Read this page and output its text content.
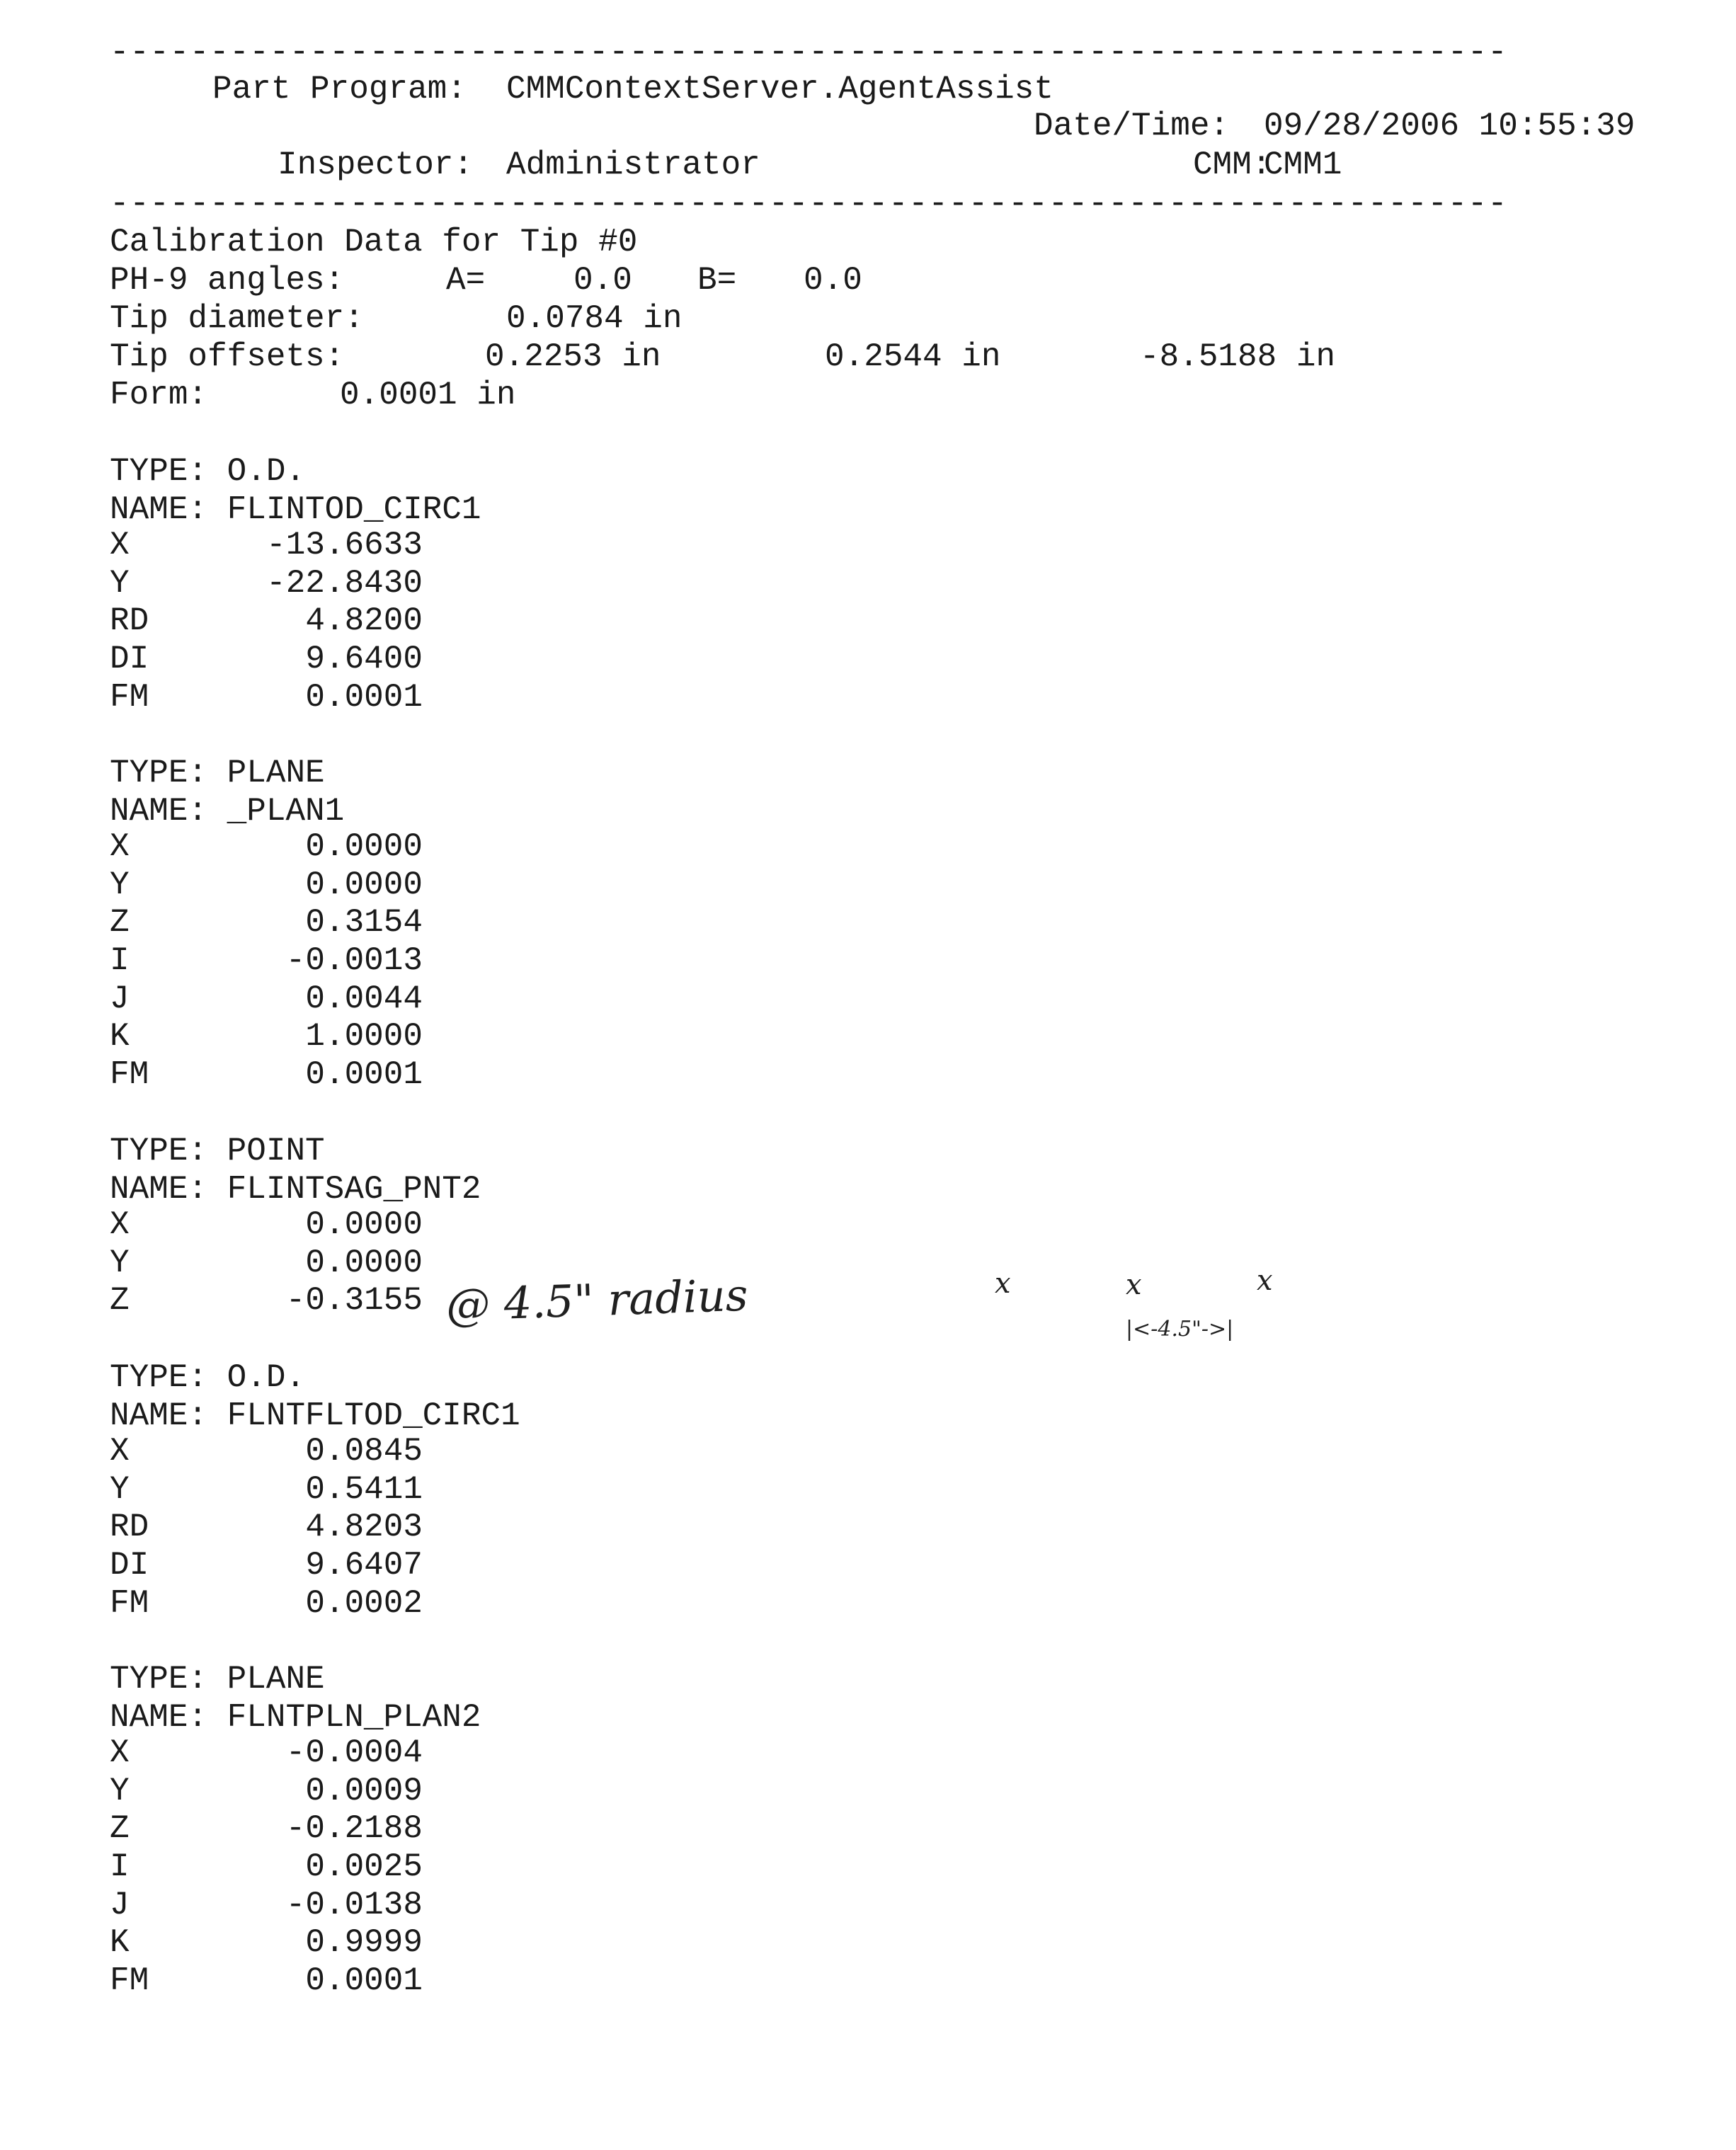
----------------------------------------------------------------------
Part Program: CMMContextServer.AgentAssist
Date/Time: 09/28/2006 10:55:39
Inspector: Administrator	CMM:
CMM1
----------------------------------------------------------------------
Calibration Data for Tip #0
PH-9 angles:	A=	0.0 B= 0.0
Tip diameter:	0.0784 in
Tip offsets:	0.2253 in	0.2544 in	-8.5188 in
Form:	0.0001 in
TYPE: O.D.
NAME: FLINTOD_CIRC1
X	-13.6633
Y	-22.8430
RD	4.8200
DI	9.6400
FM	0.0001
TYPE: PLANE
NAME: _PLAN1
X	0.0000
Y	0.0000
Z	0.3154
I	-0.0013
J	0.0044
K	1.0000
FM	0.0001
TYPE: POINT
NAME: FLINTSAG_PNT2
X	0.0000
Y	0.0000
Z	-0.3155 @ 4.5" radius	x	x	x
|<-4.5"->|
TYPE: O.D.
NAME: FLNTFLTOD_CIRC1
X	0.0845
Y	0.5411
RD	4.8203
DI	9.6407
FM	0.0002
TYPE: PLANE
NAME: FLNTPLN_PLAN2
X	-0.0004
Y	0.0009
Z	-0.2188
I	0.0025
J	-0.0138
K	0.9999
FM	0.0001
